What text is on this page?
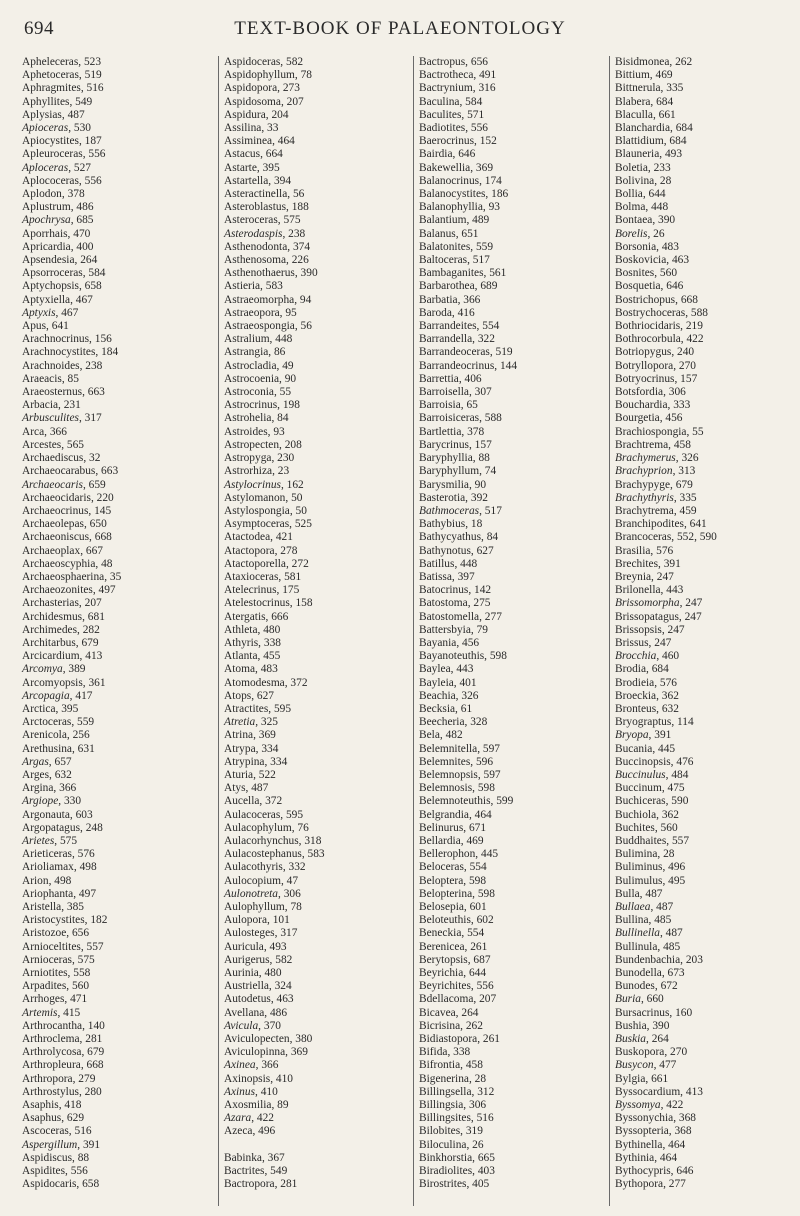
694	TEXT-BOOK OF PALAEONTOLOGY
Apheleceras, 523
Aphetoceras, 519
Aphragmites, 516
Aphyllites, 549
Aplysias, 487
Apioceras, 530
Apiocystites, 187
Apleuroceras, 556
Aploceras, 527
Aplococeras, 556
Aplodon, 378
Aplustrum, 486
Apochrysa, 685
Aporrhais, 470
Apricardia, 400
Apsendesia, 264
Apsorroceras, 584
Aptychopsis, 658
Aptyxiella, 467
Aptyxis, 467
Apus, 641
Arachnocrinus, 156
Arachnocystites, 184
Arachnoides, 238
Araeacis, 85
Araeosternus, 663
Arbacia, 231
Arbusculites, 317
Arca, 366
Arcestes, 565
Archaediscus, 32
Archaeocarabus, 663
Archaeocaris, 659
Archaeocidaris, 220
Archaeocrinus, 145
Archaeolepas, 650
Archaeoniscus, 668
Archaeoplax, 667
Archaeoscyphia, 48
Archaeosphaerina, 35
Archaeozonites, 497
Archasterias, 207
Archidesmus, 681
Archimedes, 282
Architarbus, 679
Arcicardium, 413
Arcomya, 389
Arcomyopsis, 361
Arcopagia, 417
Arctica, 395
Arctoceras, 559
Arenicola, 256
Arethusina, 631
Argas, 657
Arges, 632
Argina, 366
Argiope, 330
Argonauta, 603
Argopatagus, 248
Arietes, 575
Arieticeras, 576
Arioliamax, 498
Arion, 498
Ariophanta, 497
Aristella, 385
Aristocystites, 182
Aristozoe, 656
Arnioceltites, 557
Arnioceras, 575
Arniotites, 558
Arpadites, 560
Arrhoges, 471
Artemis, 415
Arthrocantha, 140
Arthroclema, 281
Arthrolycosa, 679
Arthropleura, 668
Arthropora, 279
Arthrostylus, 280
Asaphis, 418
Asaphus, 629
Ascoceras, 516
Aspergillum, 391
Aspidiscus, 88
Aspidites, 556
Aspidocaris, 658
Aspidoceras, 582
Aspidophyllum, 78
Aspidopora, 273
Aspidosoma, 207
Aspidura, 204
Assilina, 33
Assiminea, 464
Astacus, 664
Astarte, 395
Astartella, 394
Asteractinella, 56
Asteroblastus, 188
Asteroceras, 575
Asterodaspis, 238
Asthenodonta, 374
Asthenosoma, 226
Asthenothaerus, 390
Astieria, 583
Astraeomorpha, 94
Astraeopora, 95
Astraeospongia, 56
Astralium, 448
Astrangia, 86
Astrocladia, 49
Astrocoenia, 90
Astroconia, 55
Astrocrinus, 198
Astrohelia, 84
Astroides, 93
Astropecten, 208
Astropyga, 230
Astrorhiza, 23
Astylocrinus, 162
Astylomanon, 50
Astylospongia, 50
Asymptoceras, 525
Atactodea, 421
Atactopora, 278
Atactoporella, 272
Ataxioceras, 581
Atelecrinus, 175
Atelestocrinus, 158
Atergatis, 666
Athleta, 480
Athyris, 338
Atlanta, 455
Atoma, 483
Atomodesma, 372
Atops, 627
Atractites, 595
Atretia, 325
Atrina, 369
Atrypa, 334
Atrypina, 334
Aturia, 522
Atys, 487
Aucella, 372
Aulacoceras, 595
Aulacophylum, 76
Aulacorhynchus, 318
Aulacostephanus, 583
Aulacothyris, 332
Aulocopium, 47
Aulonotreta, 306
Aulophyllum, 78
Aulopora, 101
Aulosteges, 317
Auricula, 493
Aurigerus, 582
Aurinia, 480
Austriella, 324
Autodetus, 463
Avellana, 486
Avicula, 370
Aviculopecten, 380
Aviculopinna, 369
Axinea, 366
Axinopsis, 410
Axinus, 410
Axosmilia, 89
Azara, 422
Azeca, 496
Babinka, 367
Bactrites, 549
Bactropora, 281
Bactropus, 656
Bactrotheca, 491
Bactrynium, 316
Baculina, 584
Baculites, 571
Badiotites, 556
Baerocrinus, 152
Bairdia, 646
Bakewellia, 369
Balanocrinus, 174
Balanocystites, 186
Balanophyllia, 93
Balantium, 489
Balanus, 651
Balatonites, 559
Baltoceras, 517
Bambaganites, 561
Barbarothea, 689
Barbatia, 366
Baroda, 416
Barrandeites, 554
Barrandella, 322
Barrandeoceras, 519
Barrandeocrinus, 144
Barrettia, 406
Barroisella, 307
Barroisia, 65
Barroisiceras, 588
Bartlettia, 378
Barycrinus, 157
Baryphyllia, 88
Baryphyllum, 74
Barysmilia, 90
Basterotia, 392
Bathmoceras, 517
Bathybius, 18
Bathycyathus, 84
Bathynotus, 627
Batillus, 448
Batissa, 397
Batocrinus, 142
Batostoma, 275
Batostomella, 277
Battersbyia, 79
Bayania, 456
Bayanoteuthis, 598
Baylea, 443
Bayleia, 401
Beachia, 326
Becksia, 61
Beecheria, 328
Bela, 482
Belemnitella, 597
Belemnites, 596
Belemnopsis, 597
Belemnosis, 598
Belemnoteuthis, 599
Belgrandia, 464
Belinurus, 671
Bellardia, 469
Bellerophon, 445
Beloceras, 554
Beloptera, 598
Belopterina, 598
Belosepia, 601
Beloteuthis, 602
Beneckia, 554
Berenicea, 261
Berytopsis, 687
Beyrichia, 644
Beyrichites, 556
Bdellacoma, 207
Bicavea, 264
Bicrisina, 262
Bidiastopora, 261
Bifida, 338
Bifrontia, 458
Bigenerina, 28
Billingsella, 312
Billingsia, 306
Billingsites, 516
Bilobites, 319
Biloculina, 26
Binkhorstia, 665
Biradiolites, 403
Birostrites, 405
Bisidmonea, 262
Bittium, 469
Bittnerula, 335
Blabera, 684
Blaculla, 661
Blanchardia, 684
Blattidium, 684
Blauneria, 493
Boletia, 233
Bolivina, 28
Bollia, 644
Bolma, 448
Bontaea, 390
Borelis, 26
Borsonia, 483
Boskovicia, 463
Bosnites, 560
Bosquetia, 646
Bostrichopus, 668
Bostrychoceras, 588
Bothriocidaris, 219
Bothrocorbula, 422
Botriopygus, 240
Botryllopora, 270
Botryocrinus, 157
Botsfordia, 306
Bouchardia, 333
Bourgetia, 456
Brachiospongia, 55
Brachtrema, 458
Brachymerus, 326
Brachyprion, 313
Brachypyge, 679
Brachythyris, 335
Brachytrema, 459
Branchipodites, 641
Brancoceras, 552, 590
Brasilia, 576
Brechites, 391
Breynia, 247
Brilonella, 443
Brissomorpha, 247
Brissopatagus, 247
Brissopsis, 247
Brissus, 247
Brocchia, 460
Brodia, 684
Brodieia, 576
Broeckia, 362
Bronteus, 632
Bryograptus, 114
Bryopa, 391
Bucania, 445
Buccinopsis, 476
Buccinulus, 484
Buccinum, 475
Buchiceras, 590
Buchiola, 362
Buchites, 560
Buddhaites, 557
Bulimina, 28
Buliminus, 496
Bulimulus, 495
Bulla, 487
Bullaea, 487
Bullina, 485
Bullinella, 487
Bullinula, 485
Bundenbachia, 203
Bunodella, 673
Bunodes, 672
Buria, 660
Bursacrinus, 160
Bushia, 390
Buskia, 264
Buskopora, 270
Busycon, 477
Bylgia, 661
Byssocardium, 413
Byssomya, 422
Byssonychia, 368
Byssopteria, 368
Bythinella, 464
Bythinia, 464
Bythocypris, 646
Bythopora, 277
